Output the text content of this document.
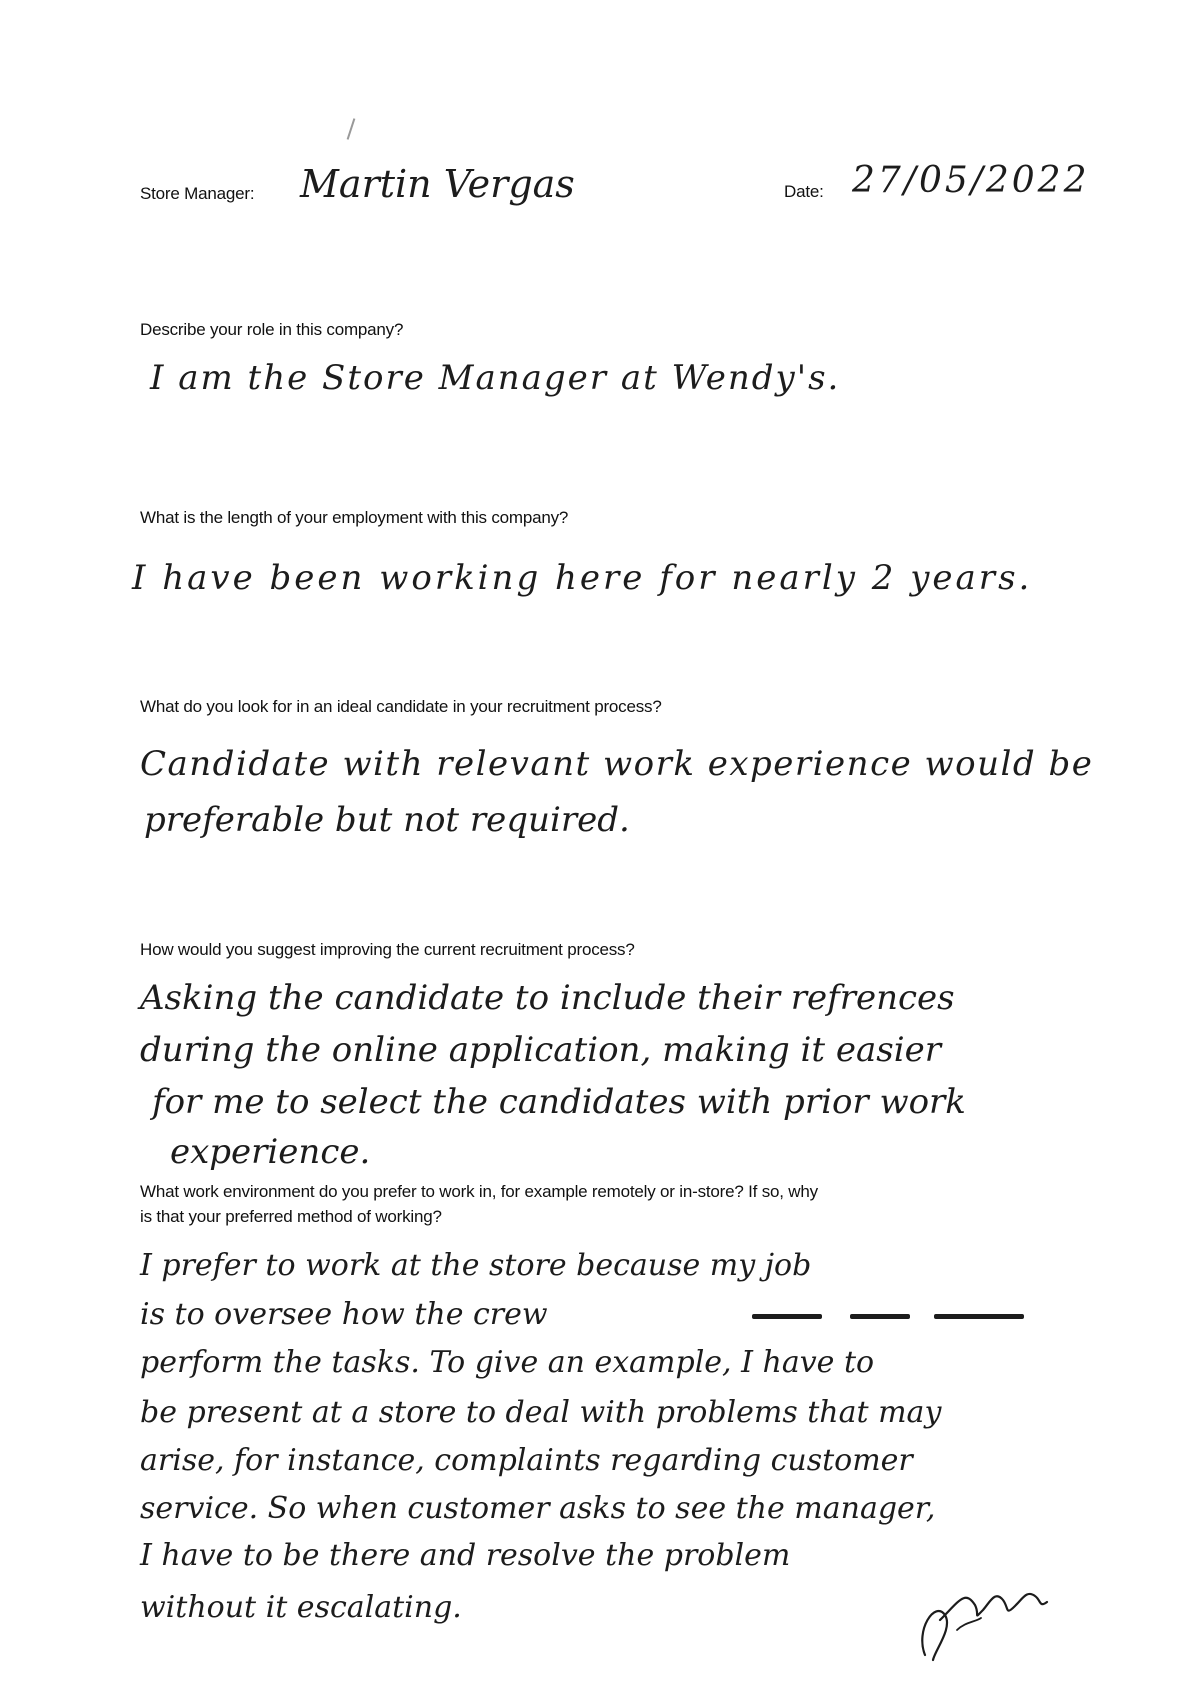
Store Manager: Martin Vergas	Date: 27/05/2022
Describe your role in this company?
I am the Store Manager at Wendy's.
What is the length of your employment with this company?
I have been working here for nearly 2 years.
What do you look for in an ideal candidate in your recruitment process?
Candidate with relevant work experience would be
preferable but not required.
How would you suggest improving the current recruitment process?
Asking the candidate to include their refrences
during the online application, making it easier
for me to select the candidates with prior work
experience.
What work environment do you prefer to work in, for example remotely or in-store? If so, why
is that your preferred method of working?
I prefer to work at the store because my job
is to oversee how the crew
perform the tasks. To give an example, I have to
be present at a store to deal with problems that may
arise, for instance, complaints regarding customer
service. So when customer asks to see the manager,
I have to be there and resolve the problem
without it escalating.
